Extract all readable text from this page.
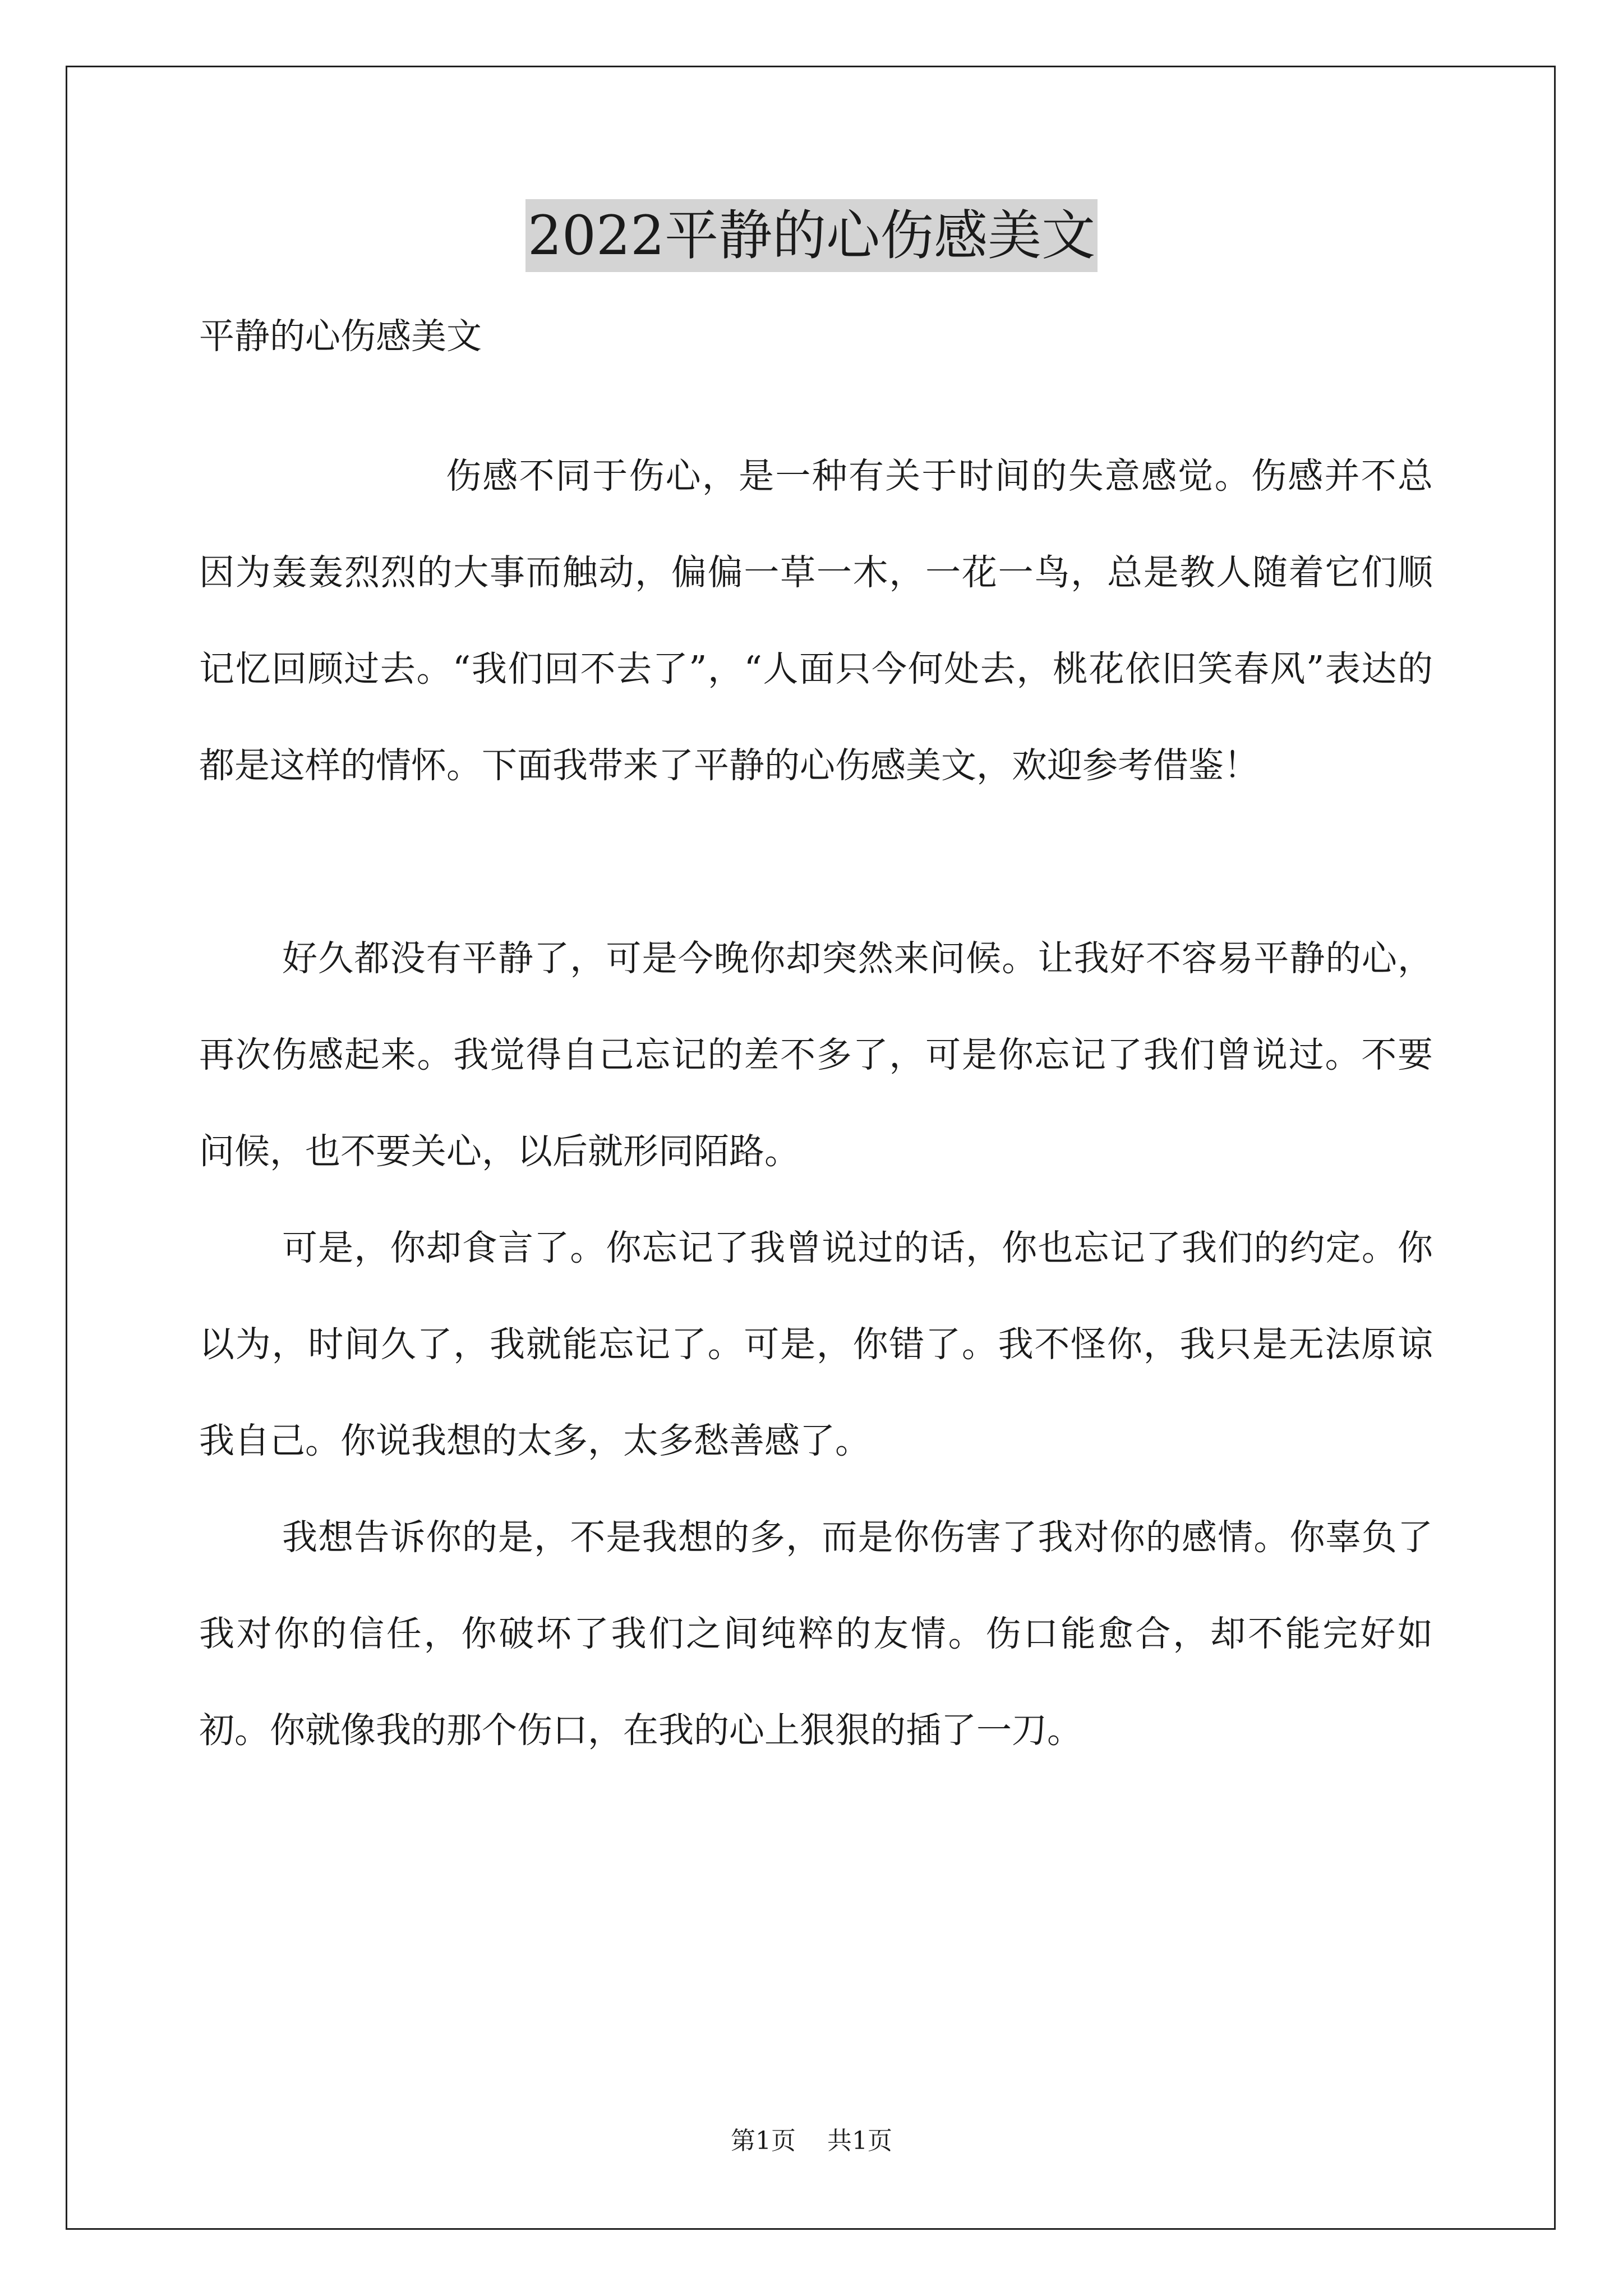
2022平静的心伤感美文

平静的心伤感美文

伤感不同于伤心，是一种有关于时间的失意感觉。伤感并不总因为轰轰烈烈的大事而触动，偏偏一草一木，一花一鸟，总是教人随着它们顺记忆回顾过去。“我们回不去了”，“人面只今何处去，桃花依旧笑春风”表达的都是这样的情怀。下面我带来了平静的心伤感美文，欢迎参考借鉴！

好久都没有平静了，可是今晚你却突然来问候。让我好不容易平静的心，再次伤感起来。我觉得自己忘记的差不多了，可是你忘记了我们曾说过。不要问候，也不要关心，以后就形同陌路。

可是，你却食言了。你忘记了我曾说过的话，你也忘记了我们的约定。你以为，时间久了，我就能忘记了。可是，你错了。我不怪你，我只是无法原谅我自己。你说我想的太多，太多愁善感了。

我想告诉你的是，不是我想的多，而是你伤害了我对你的感情。你辜负了我对你的信任，你破坏了我们之间纯粹的友情。伤口能愈合，却不能完好如初。你就像我的那个伤口，在我的心上狠狠的插了一刀。

第1页    共1页
